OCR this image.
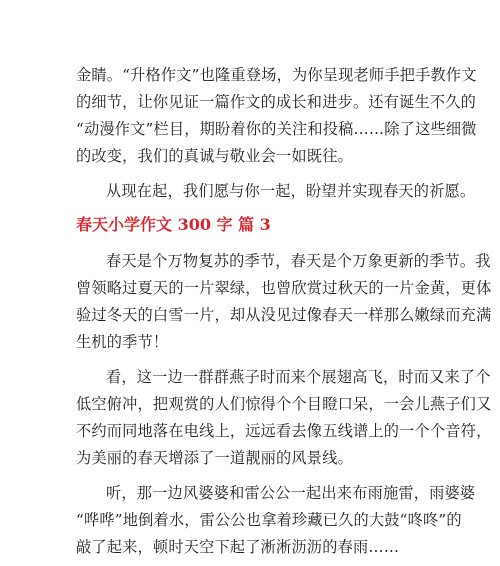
金睛。“升格作文”也隆重登场，为你呈现老师手把手教作文
的细节，让你见证一篇作文的成长和进步。还有诞生不久的
“动漫作文”栏目，期盼着你的关注和投稿……除了这些细微
的改变，我们的真诚与敬业会一如既往。
从现在起，我们愿与你一起，盼望并实现春天的祈愿。
春天小学作文 300 字 篇 3
春天是个万物复苏的季节，春天是个万象更新的季节。我
曾领略过夏天的一片翠绿，也曾欣赏过秋天的一片金黄，更体
验过冬天的白雪一片，却从没见过像春天一样那么嫩绿而充满
生机的季节！
看，这一边一群群燕子时而来个展翅高飞，时而又来了个
低空俯冲，把观赏的人们惊得个个目瞪口呆，一会儿燕子们又
不约而同地落在电线上，远远看去像五线谱上的一个个音符，
为美丽的春天增添了一道靓丽的风景线。
听，那一边风婆婆和雷公公一起出来布雨施雷，雨婆婆
“哗哗”地倒着水，雷公公也拿着珍藏已久的大鼓“咚咚”的
敲了起来，顿时天空下起了淅淅沥沥的春雨……
